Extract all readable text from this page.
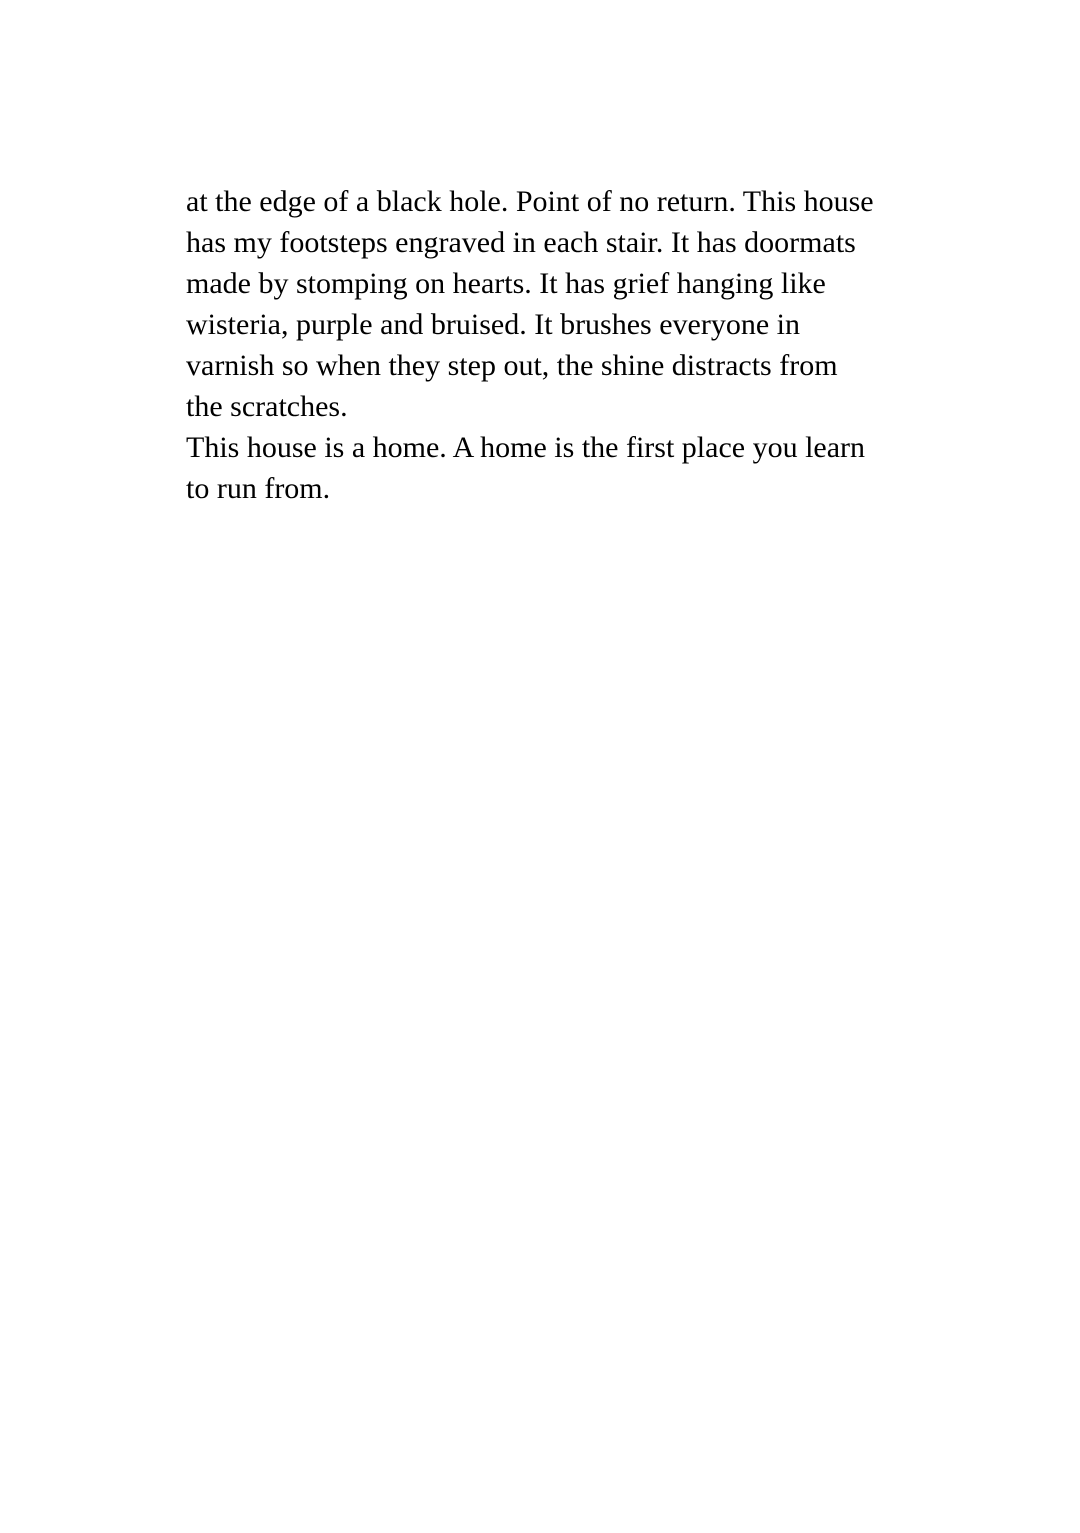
at the edge of a black hole. Point of no return. This house

has my footsteps engraved in each stair. It has doormats

made by stomping on hearts. It has grief hanging like

wisteria, purple and bruised. It brushes everyone in

varnish so when they step out, the shine distracts from

the scratches.

This house is a home. A home is the first place you learn

to run from.
